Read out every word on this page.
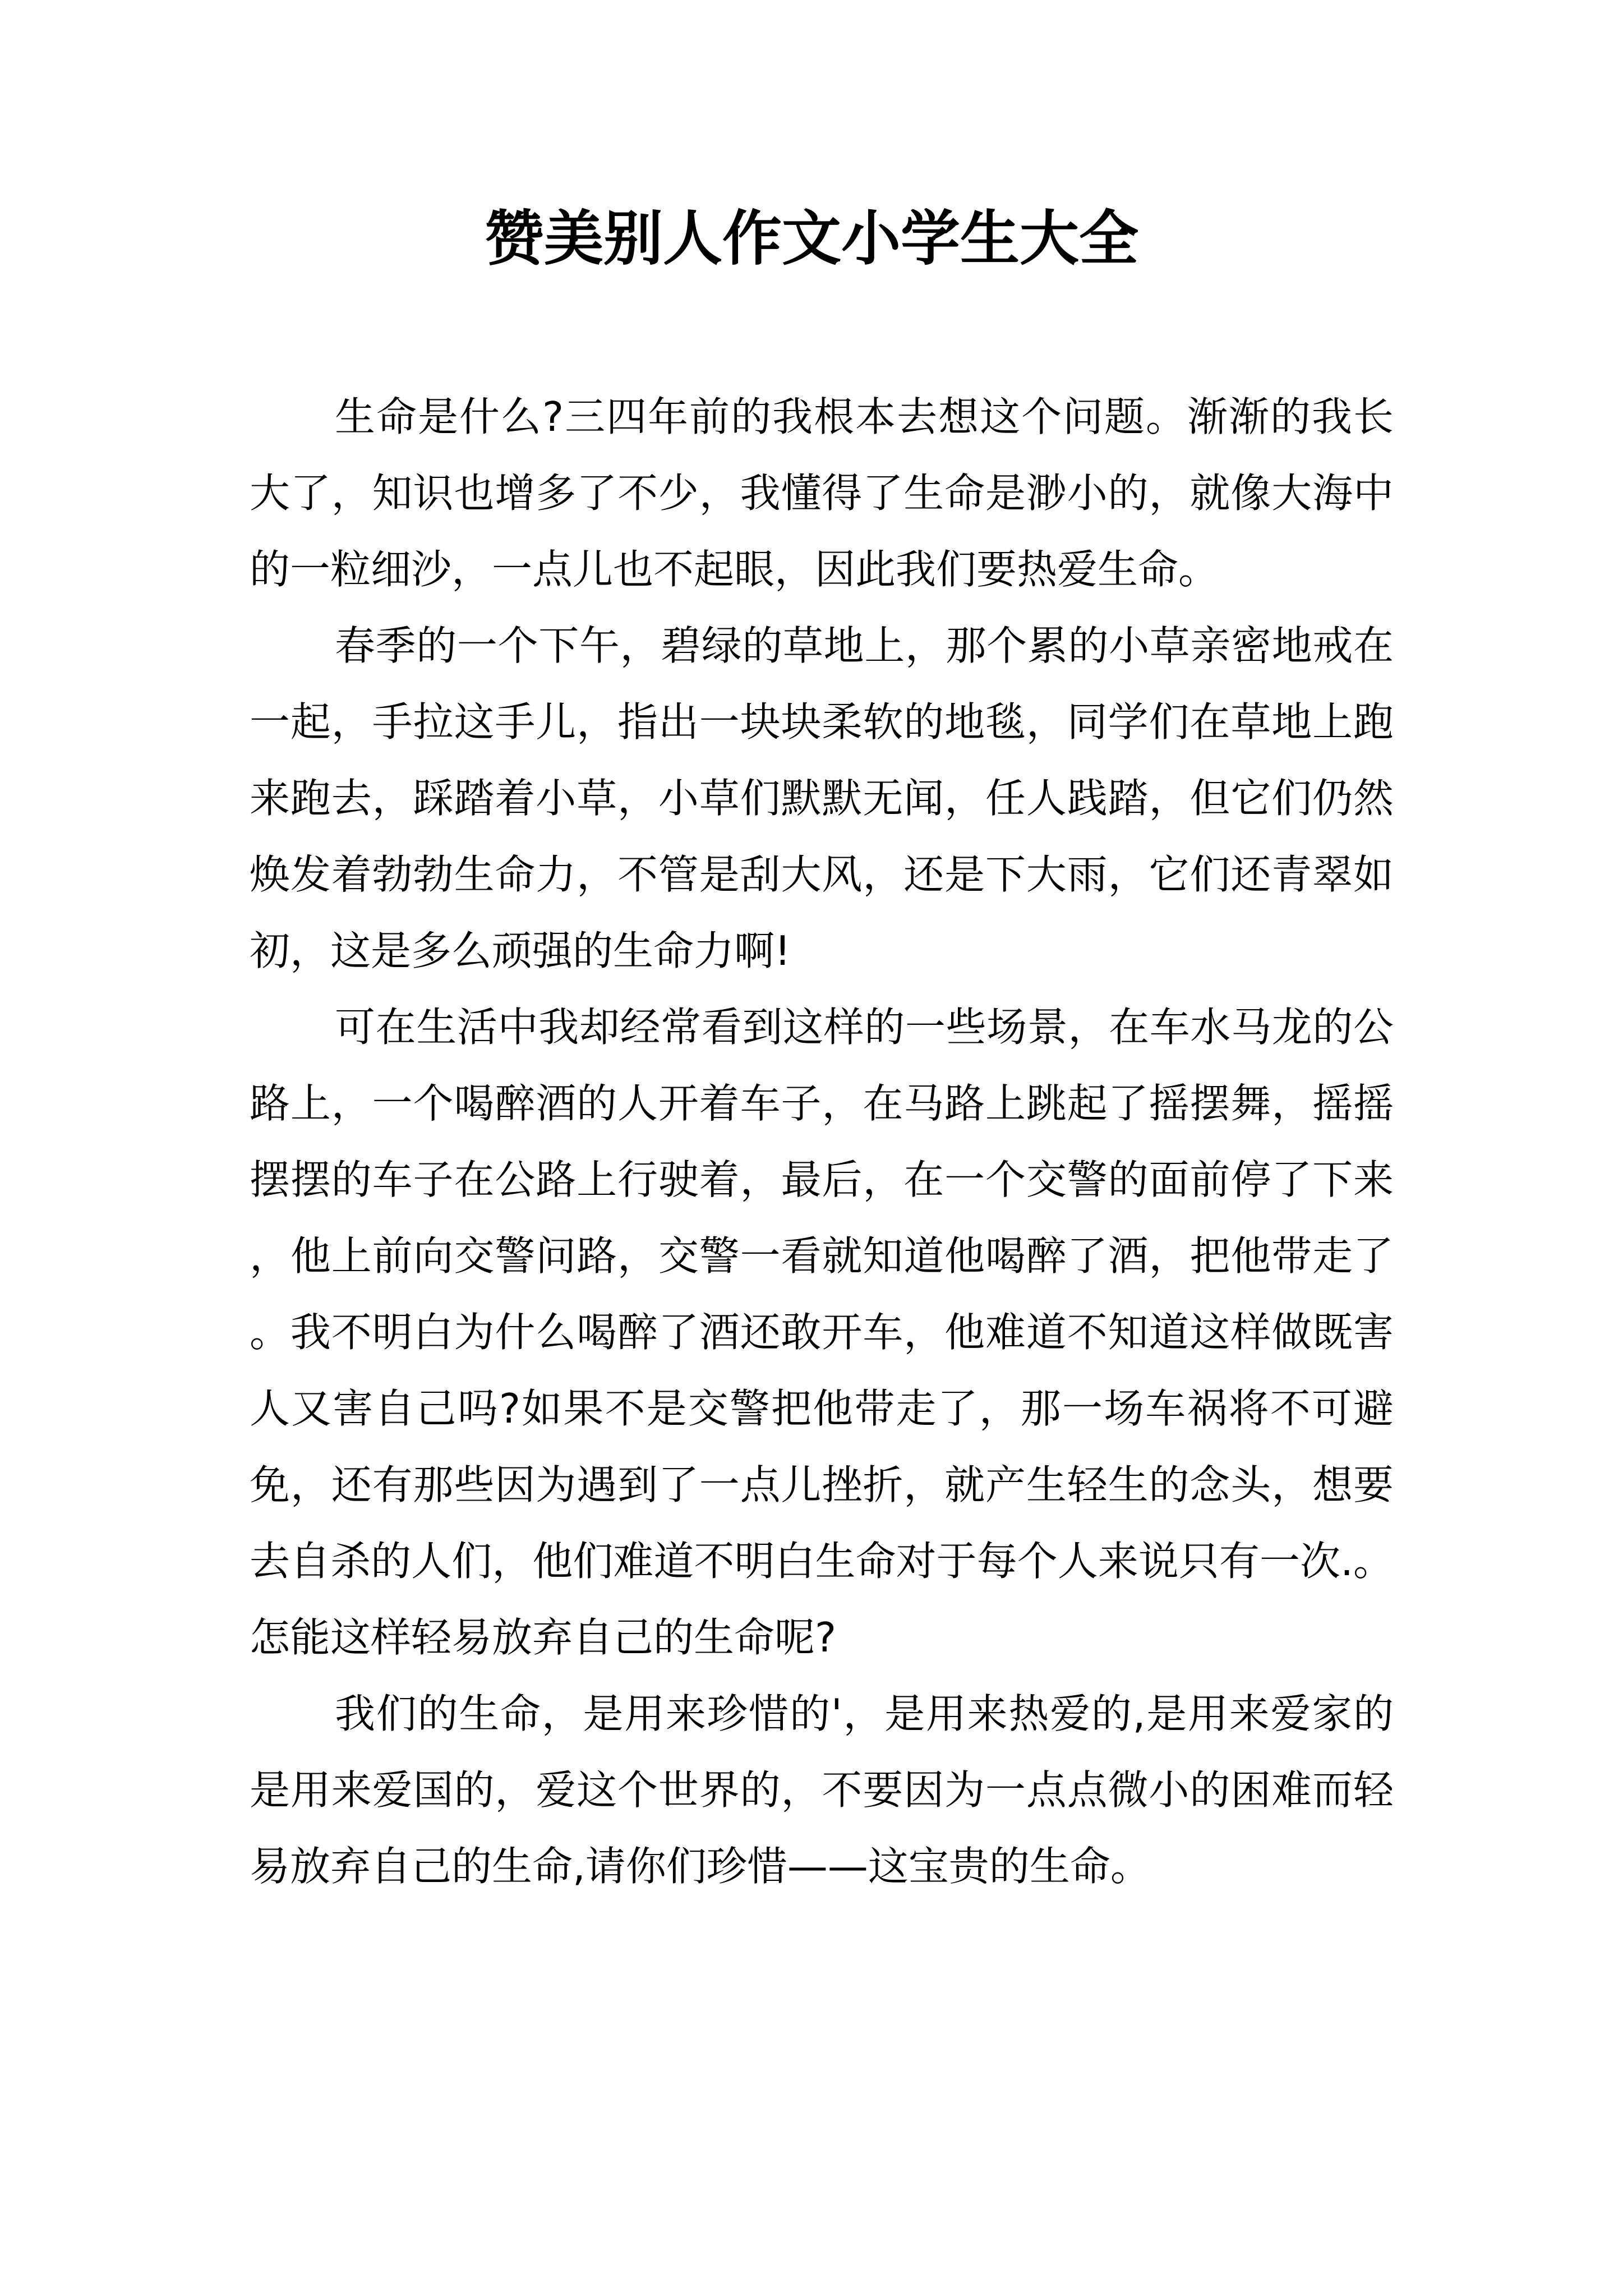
赞美别人作文小学生大全

生命是什么?三四年前的我根本去想这个问题。渐渐的我长大了，知识也增多了不少，我懂得了生命是渺小的，就像大海中的一粒细沙，一点儿也不起眼，因此我们要热爱生命。

春季的一个下午，碧绿的草地上，那个累的小草亲密地戒在一起，手拉这手儿，指出一块块柔软的地毯，同学们在草地上跑来跑去，踩踏着小草，小草们默默无闻，任人践踏，但它们仍然焕发着勃勃生命力，不管是刮大风，还是下大雨，它们还青翠如初，这是多么顽强的生命力啊!

可在生活中我却经常看到这样的一些场景，在车水马龙的公路上，一个喝醉酒的人开着车子，在马路上跳起了摇摆舞，摇摇摆摆的车子在公路上行驶着，最后，在一个交警的面前停了下来，他上前向交警问路，交警一看就知道他喝醉了酒，把他带走了。我不明白为什么喝醉了酒还敢开车，他难道不知道这样做既害人又害自己吗?如果不是交警把他带走了，那一场车祸将不可避免，还有那些因为遇到了一点儿挫折，就产生轻生的念头，想要去自杀的人们，他们难道不明白生命对于每个人来说只有一次.。怎能这样轻易放弃自己的生命呢?

我们的生命，是用来珍惜的'，是用来热爱的,是用来爱家的是用来爱国的，爱这个世界的，不要因为一点点微小的困难而轻易放弃自己的生命,请你们珍惜——这宝贵的生命。
